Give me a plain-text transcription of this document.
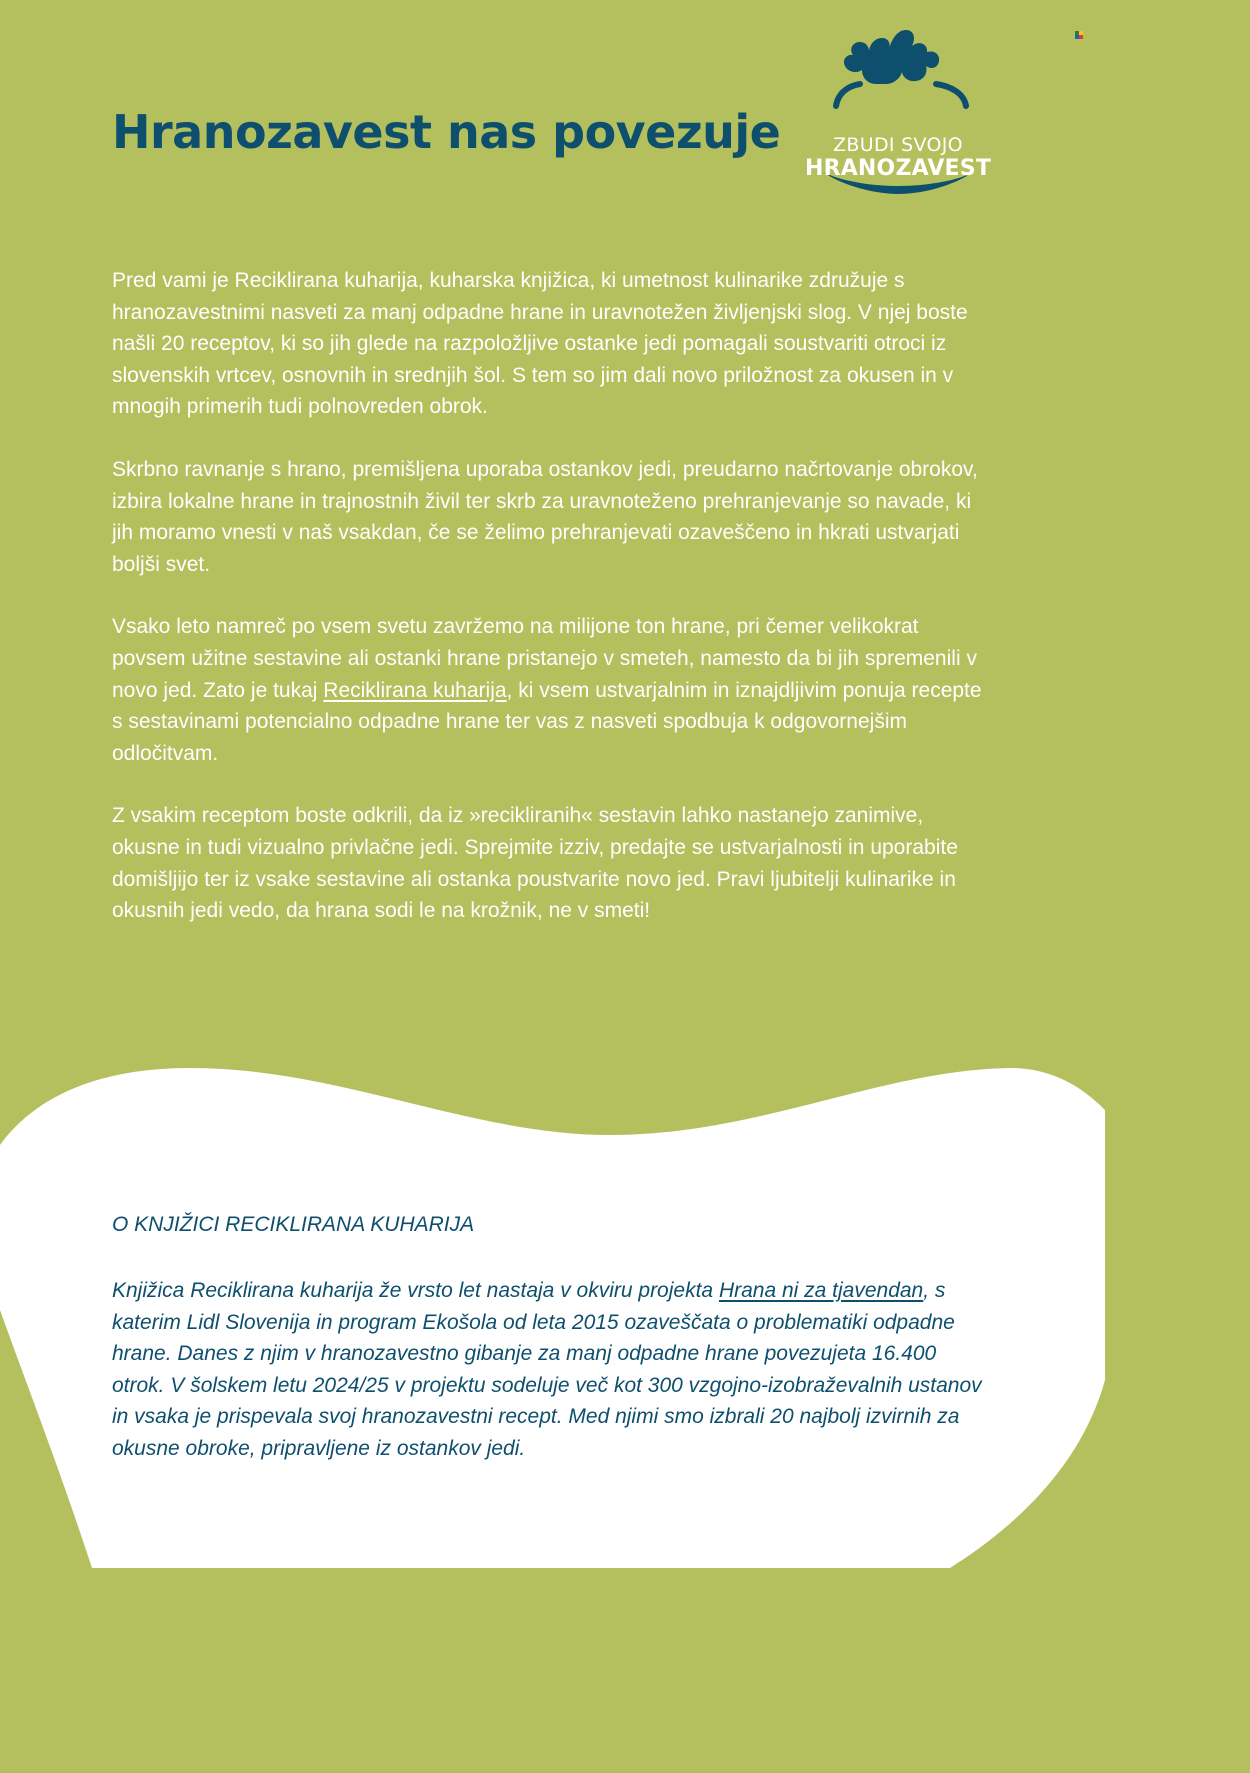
Hranozavest nas povezuje	ZBUDI SVOJO
HRANOZAVEST

Pred vami je Reciklirana kuharija, kuharska knjižica, ki umetnost kulinarike združuje s hranozavestnimi nasveti za manj odpadne hrane in uravnotežen življenjski slog. V njej boste našli 20 receptov, ki so jih glede na razpoložljive ostanke jedi pomagali soustvariti otroci iz slovenskih vrtcev, osnovnih in srednjih šol. S tem so jim dali novo priložnost za okusen in v mnogih primerih tudi polnovreden obrok.

Skrbno ravnanje s hrano, premišljena uporaba ostankov jedi, preudarno načrtovanje obrokov, izbira lokalne hrane in trajnostnih živil ter skrb za uravnoteženo prehranjevanje so navade, ki jih moramo vnesti v naš vsakdan, če se želimo prehranjevati ozaveščeno in hkrati ustvarjati boljši svet.

Vsako leto namreč po vsem svetu zavržemo na milijone ton hrane, pri čemer velikokrat povsem užitne sestavine ali ostanki hrane pristanejo v smeteh, namesto da bi jih spremenili v novo jed. Zato je tukaj Reciklirana kuharija, ki vsem ustvarjalnim in iznajdljivim ponuja recepte s sestavinami potencialno odpadne hrane ter vas z nasveti spodbuja k odgovornejšim odločitvam.

Z vsakim receptom boste odkrili, da iz »recikliranih« sestavin lahko nastanejo zanimive, okusne in tudi vizualno privlačne jedi. Sprejmite izziv, predajte se ustvarjalnosti in uporabite domišljijo ter iz vsake sestavine ali ostanka poustvarite novo jed. Pravi ljubitelji kulinarike in okusnih jedi vedo, da hrana sodi le na krožnik, ne v smeti!

O KNJIŽICI RECIKLIRANA KUHARIJA

Knjižica Reciklirana kuharija že vrsto let nastaja v okviru projekta Hrana ni za tjavendan, s katerim Lidl Slovenija in program Ekošola od leta 2015 ozaveščata o problematiki odpadne hrane. Danes z njim v hranozavestno gibanje za manj odpadne hrane povezujeta 16.400 otrok. V šolskem letu 2024/25 v projektu sodeluje več kot 300 vzgojno-izobraževalnih ustanov in vsaka je prispevala svoj hranozavestni recept. Med njimi smo izbrali 20 najbolj izvirnih za okusne obroke, pripravljene iz ostankov jedi.
